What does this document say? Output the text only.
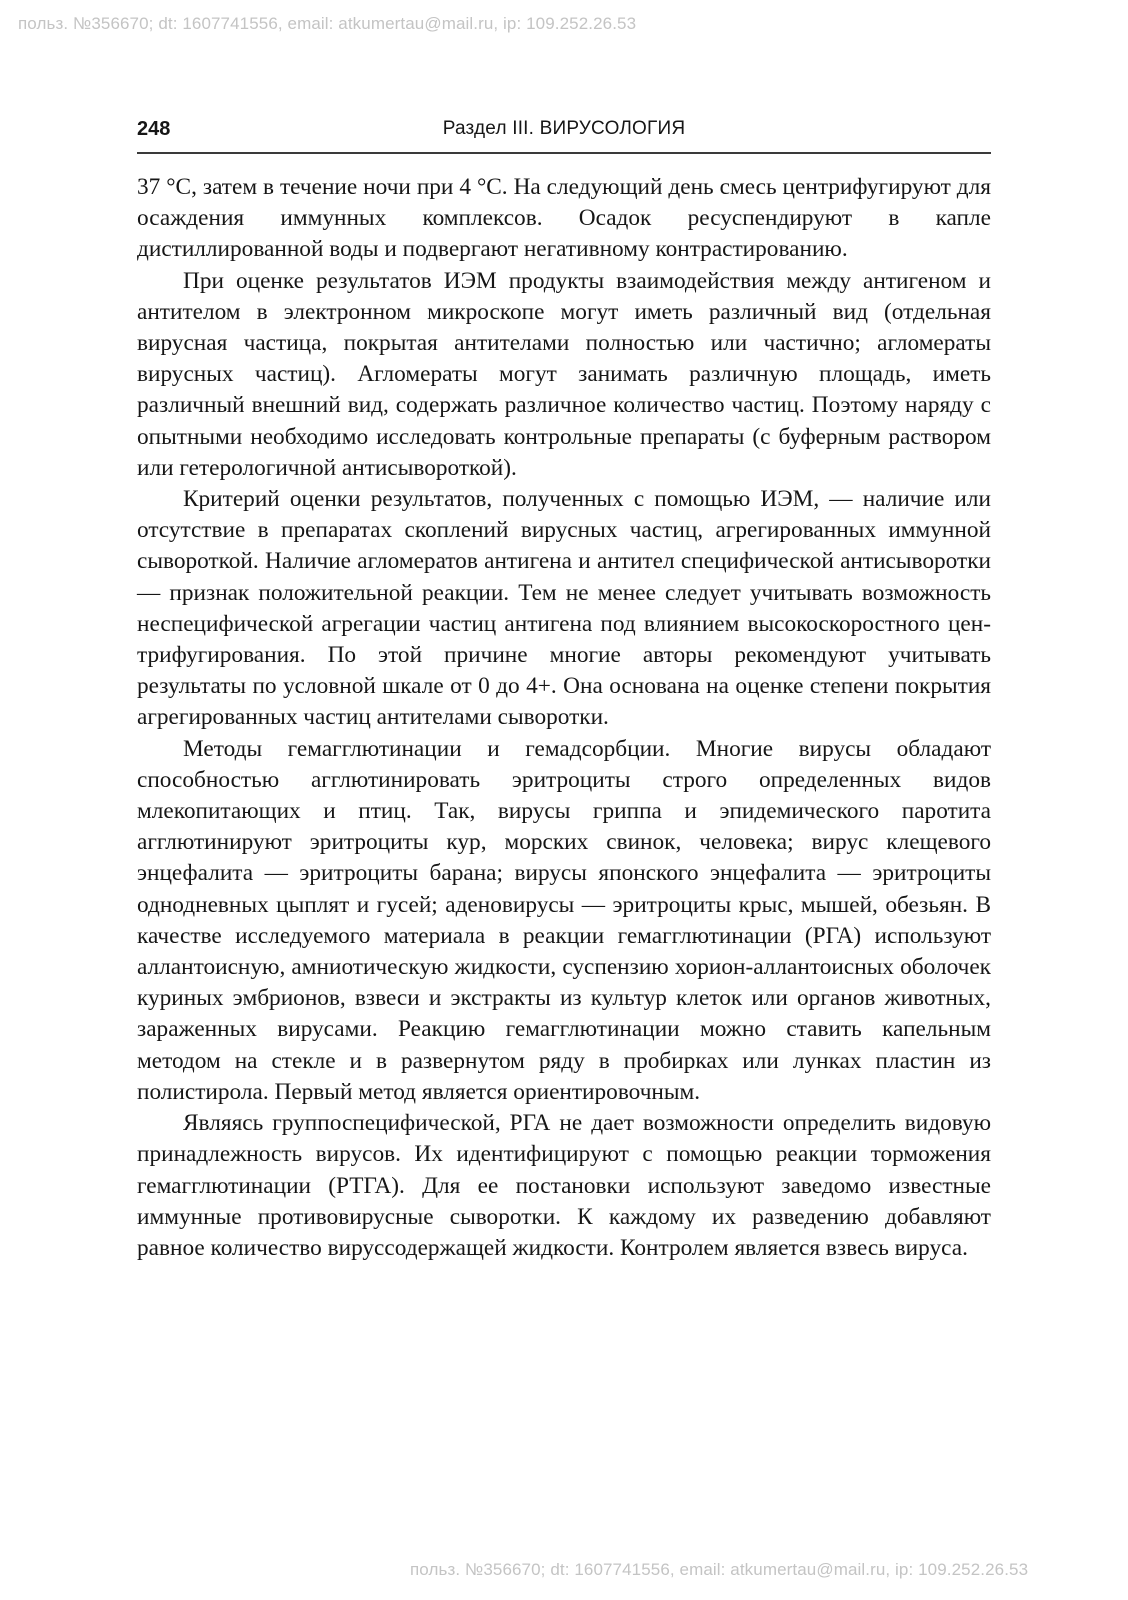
польз. №356670; dt: 1607741556, email: atkumertau@mail.ru, ip: 109.252.26.53
248	Раздел III. ВИРУСОЛОГИЯ

37 °С, затем в течение ночи при 4 °С. На следующий день смесь центрифугируют для осаждения иммунных комплексов. Осадок ресуспендируют в капле дистиллированной воды и подвергают негативному контрастированию.

При оценке результатов ИЭМ продукты взаимодействия между антигеном и антителом в электронном микроскопе могут иметь различный вид (отдельная вирусная частица, покрытая антителами полностью или частично; агломераты вирусных частиц). Агломераты могут занимать различную площадь, иметь различный внешний вид, содержать различное количество частиц. Поэтому наряду с опытными необходимо исследовать контрольные препараты (с буферным раствором или гетерологичной антисывороткой).

Критерий оценки результатов, полученных с помощью ИЭМ, — наличие или отсутствие в препаратах скоплений вирусных частиц, агрегированных иммунной сывороткой. Наличие агломератов антигена и антител специфической антисыворотки — признак положительной реакции. Тем не менее следует учитывать возможность неспецифической агрегации частиц антигена под влиянием высокоскоростного центрифугирования. По этой причине многие авторы рекомендуют учитывать результаты по условной шкале от 0 до 4+. Она основана на оценке степени покрытия агрегированных частиц антителами сыворотки.

Методы гемагглютинации и гемадсорбции. Многие вирусы обладают способностью агглютинировать эритроциты строго определенных видов млекопитающих и птиц. Так, вирусы гриппа и эпидемического паротита агглютинируют эритроциты кур, морских свинок, человека; вирус клещевого энцефалита — эритроциты барана; вирусы японского энцефалита — эритроциты однодневных цыплят и гусей; аденовирусы — эритроциты крыс, мышей, обезьян. В качестве исследуемого материала в реакции гемагглютинации (РГА) используют аллантоисную, амниотическую жидкости, суспензию хорион-аллантоисных оболочек куриных эмбрионов, взвеси и экстракты из культур клеток или органов животных, зараженных вирусами. Реакцию гемагглютинации можно ставить капельным методом на стекле и в развернутом ряду в пробирках или лунках пластин из полистирола. Первый метод является ориентировочным.

Являясь группоспецифической, РГА не дает возможности определить видовую принадлежность вирусов. Их идентифицируют с помощью реакции торможения гемагглютинации (РТГА). Для ее постановки используют заведомо известные иммунные противовирусные сыворотки. К каждому их разведению добавляют равное количество вируссодержащей жидкости. Контролем является взвесь вируса.

польз. №356670; dt: 1607741556, email: atkumertau@mail.ru, ip: 109.252.26.53
